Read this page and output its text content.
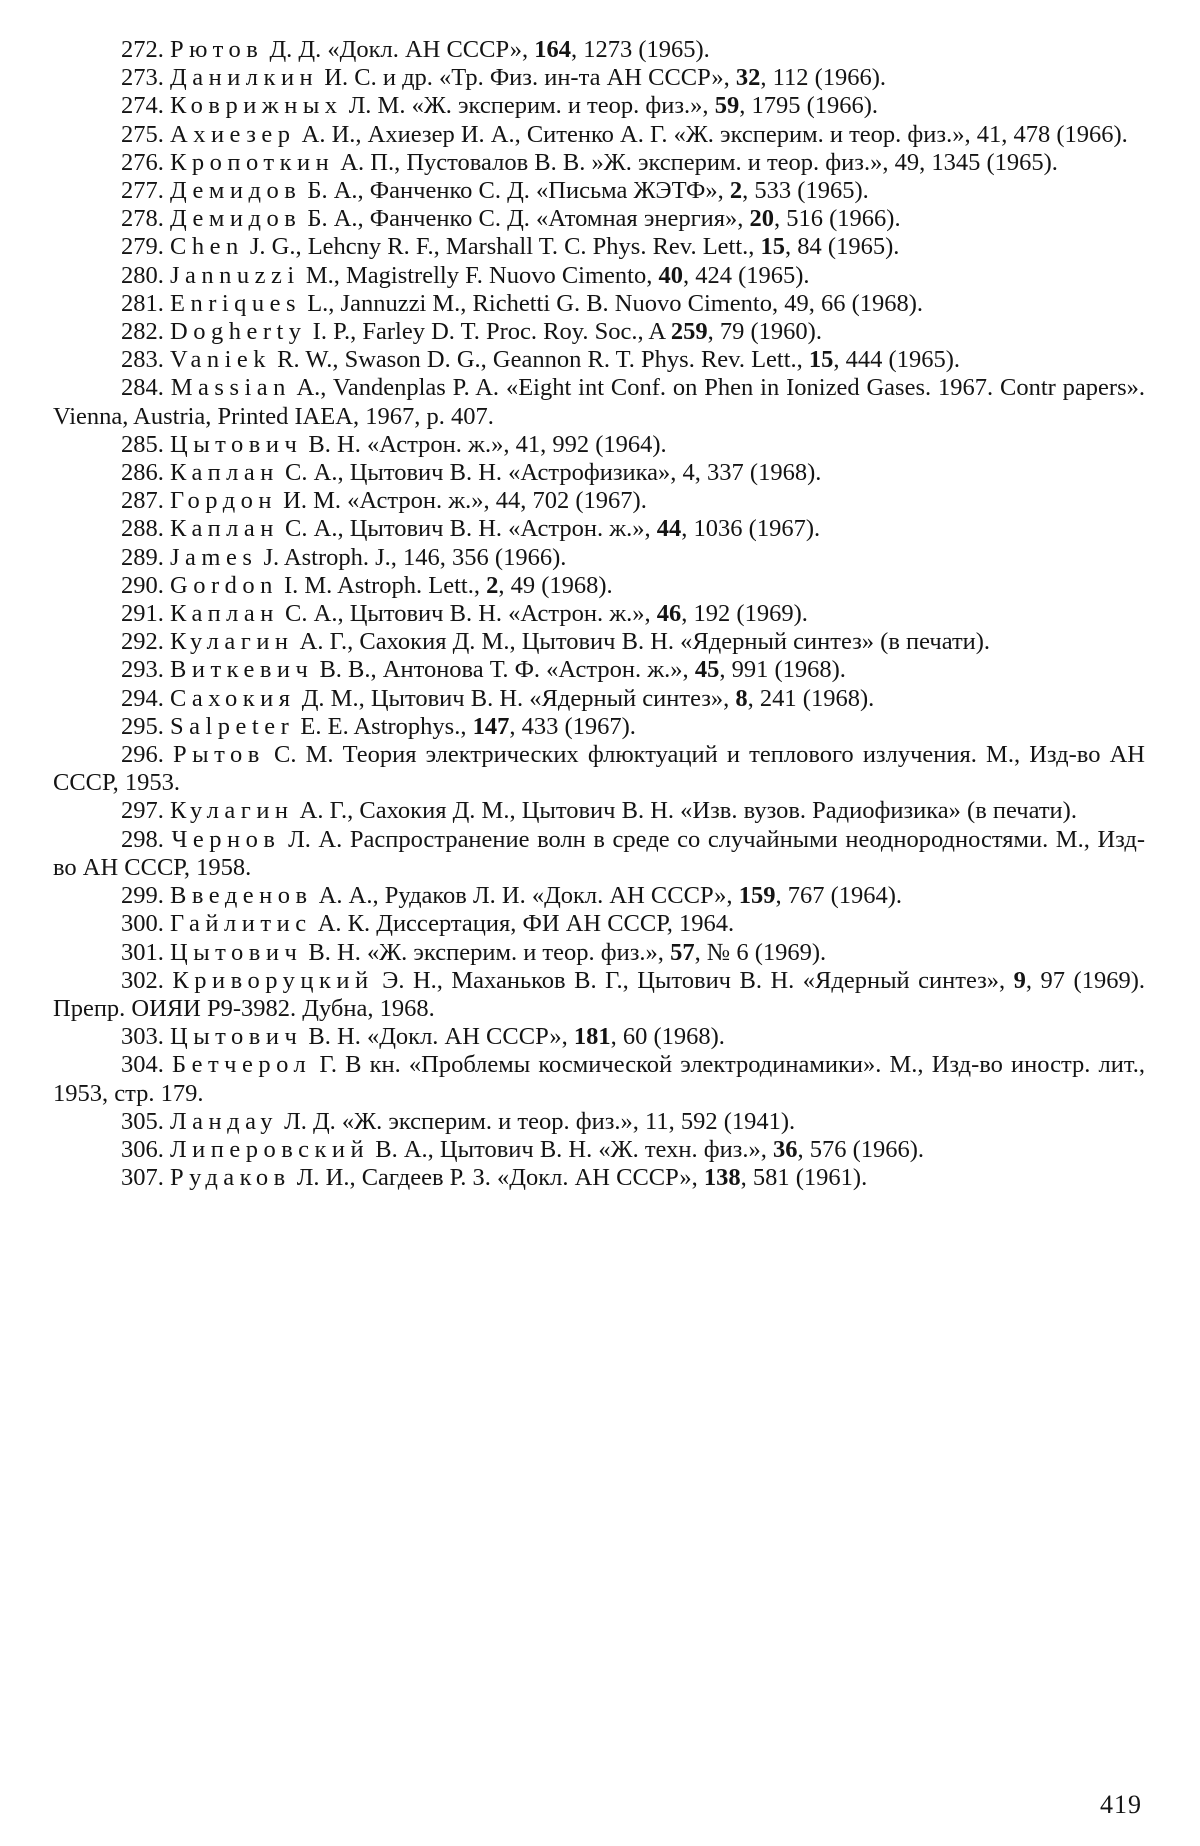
272. Рютов Д. Д. «Докл. АН СССР», 164, 1273 (1965).

273. Данилкин И. С. и др. «Тр. Физ. ин-та АН СССР», 32, 112 (1966).

274. Коврижных Л. М. «Ж. эксперим. и теор. физ.», 59, 1795 (1966).

275. Ахиезер А. И., Ахиезер И. А., Ситенко А. Г. «Ж. эксперим. и теор. физ.», 41, 478 (1966).

276. Кропоткин А. П., Пустовалов В. В. »Ж. эксперим. и теор. физ.», 49, 1345 (1965).

277. Демидов Б. А., Фанченко С. Д. «Письма ЖЭТФ», 2, 533 (1965).

278. Демидов Б. А., Фанченко С. Д. «Атомная энергия», 20, 516 (1966).

279. Chen J. G., Lehcny R. F., Marshall T. C. Phys. Rev. Lett., 15, 84 (1965).

280. Jannuzzi M., Magistrelly F. Nuovo Cimento, 40, 424 (1965).

281. Enriques L., Jannuzzi M., Richetti G. B. Nuovo Cimento, 49, 66 (1968).

282. Dogherty I. P., Farley D. T. Proc. Roy. Soc., A 259, 79 (1960).

283. Vaniek R. W., Swason D. G., Geannon R. T. Phys. Rev. Lett., 15, 444 (1965).

284. Massian A., Vandenplas P. A. «Eight int Conf. on Phen in Ionized Gases. 1967. Contr papers». Vienna, Austria, Printed IAEA, 1967, p. 407.

285. Цытович В. Н. «Астрон. ж.», 41, 992 (1964).

286. Каплан С. А., Цытович В. Н. «Астрофизика», 4, 337 (1968).

287. Гордон И. М. «Астрон. ж.», 44, 702 (1967).

288. Каплан С. А., Цытович В. Н. «Астрон. ж.», 44, 1036 (1967).

289. James J. Astroph. J., 146, 356 (1966).

290. Gordon I. M. Astroph. Lett., 2, 49 (1968).

291. Каплан С. А., Цытович В. Н. «Астрон. ж.», 46, 192 (1969).

292. Кулагин А. Г., Сахокия Д. М., Цытович В. Н. «Ядерный синтез» (в печати).

293. Виткевич В. В., Антонова Т. Ф. «Астрон. ж.», 45, 991 (1968).

294. Сахокия Д. М., Цытович В. Н. «Ядерный синтез», 8, 241 (1968).

295. Salpeter E. E. Astrophys., 147, 433 (1967).

296. Рытов С. М. Теория электрических флюктуаций и теплового излучения. М., Изд-во АН СССР, 1953.

297. Кулагин А. Г., Сахокия Д. М., Цытович В. Н. «Изв. вузов. Радиофизика» (в печати).

298. Чернов Л. А. Распространение волн в среде со случайными неоднородностями. М., Изд-во АН СССР, 1958.

299. Введенов А. А., Рудаков Л. И. «Докл. АН СССР», 159, 767 (1964).

300. Гайлитис А. К. Диссертация, ФИ АН СССР, 1964.

301. Цытович В. Н. «Ж. эксперим. и теор. физ.», 57, № 6 (1969).

302. Криворуцкий Э. Н., Маханьков В. Г., Цытович В. Н. «Ядерный синтез», 9, 97 (1969). Препр. ОИЯИ Р9-3982. Дубна, 1968.

303. Цытович В. Н. «Докл. АН СССР», 181, 60 (1968).

304. Бетчерол Г. В кн. «Проблемы космической электродинамики». М., Изд-во иностр. лит., 1953, стр. 179.

305. Ландау Л. Д. «Ж. эксперим. и теор. физ.», 11, 592 (1941).

306. Липеровский В. А., Цытович В. Н. «Ж. техн. физ.», 36, 576 (1966).

307. Рудаков Л. И., Сагдеев Р. З. «Докл. АН СССР», 138, 581 (1961).

419
